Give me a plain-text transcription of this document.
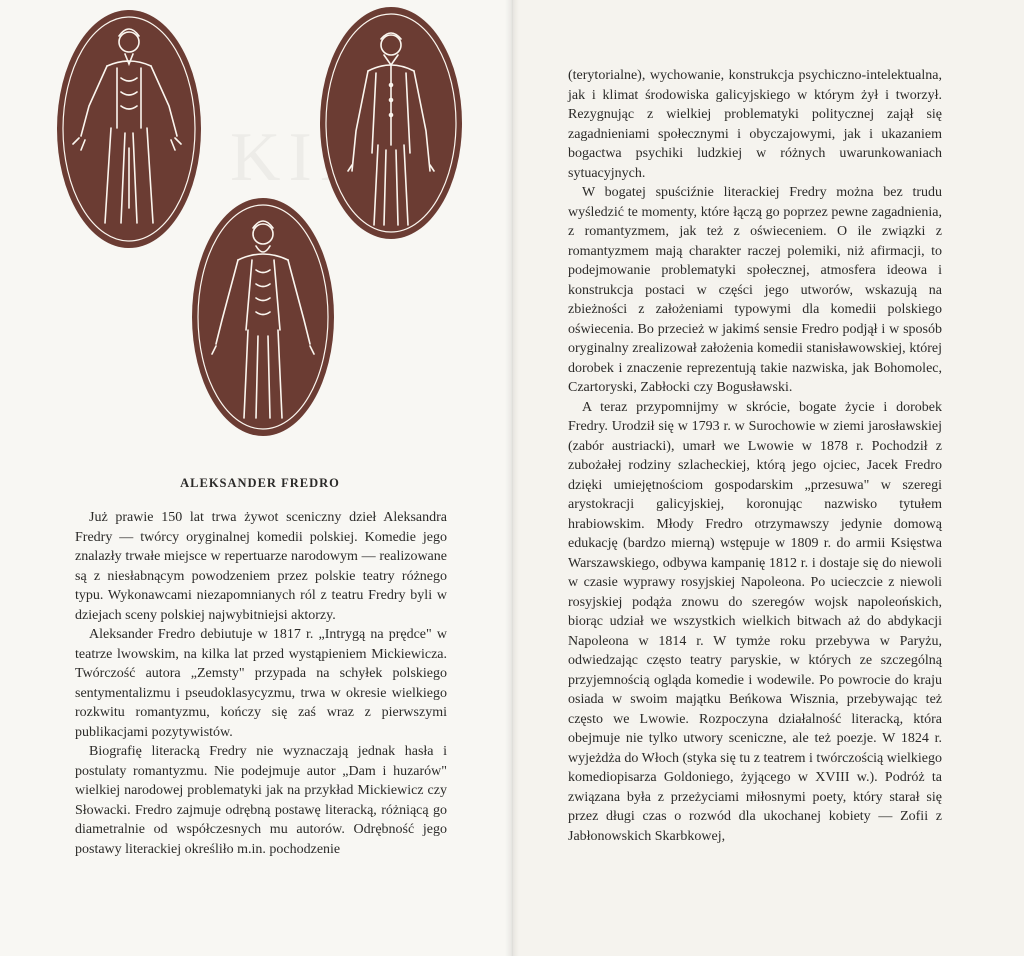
ALEKSANDER FREDRO

Już prawie 150 lat trwa żywot sceniczny dzieł Aleksandra Fredry — twórcy oryginalnej komedii polskiej. Komedie jego znalazły trwałe miejsce w repertuarze narodowym — realizowane są z niesłabnącym powodzeniem przez polskie teatry różnego typu. Wykonawcami niezapomnianych ról z teatru Fredry byli w dziejach sceny polskiej najwybitniejsi aktorzy.

Aleksander Fredro debiutuje w 1817 r. „Intrygą na prędce" w teatrze lwowskim, na kilka lat przed wystąpieniem Mickiewicza. Twórczość autora „Zemsty" przypada na schyłek polskiego sentymentalizmu i pseudoklasycyzmu, trwa w okresie wielkiego rozkwitu romantyzmu, kończy się zaś wraz z pierwszymi publikacjami pozytywistów.

Biografię literacką Fredry nie wyznaczają jednak hasła i postulaty romantyzmu. Nie podejmuje autor „Dam i huzarów" wielkiej narodowej problematyki jak na przykład Mickiewicz czy Słowacki. Fredro zajmuje odrębną postawę literacką, różniącą go diametralnie od współczesnych mu autorów. Odrębność jego postawy literackiej określiło m.in. pochodzenie

(terytorialne), wychowanie, konstrukcja psychiczno-intelektualna, jak i klimat środowiska galicyjskiego w którym żył i tworzył. Rezygnując z wielkiej problematyki politycznej zajął się zagadnieniami społecznymi i obyczajowymi, jak i ukazaniem bogactwa psychiki ludzkiej w różnych uwarunkowaniach sytuacyjnych.

W bogatej spuściźnie literackiej Fredry można bez trudu wyśledzić te momenty, które łączą go poprzez pewne zagadnienia, z romantyzmem, jak też z oświeceniem. O ile związki z romantyzmem mają charakter raczej polemiki, niż afirmacji, to podejmowanie problematyki społecznej, atmosfera ideowa i konstrukcja postaci w części jego utworów, wskazują na zbieżności z założeniami typowymi dla komedii polskiego oświecenia. Bo przecież w jakimś sensie Fredro podjął i w sposób oryginalny zrealizował założenia komedii stanisławowskiej, której dorobek i znaczenie reprezentują takie nazwiska, jak Bohomolec, Czartoryski, Zabłocki czy Bogusławski.

A teraz przypomnijmy w skrócie, bogate życie i dorobek Fredry. Urodził się w 1793 r. w Surochowie w ziemi jarosławskiej (zabór austriacki), umarł we Lwowie w 1878 r. Pochodził z zubożałej rodziny szlacheckiej, którą jego ojciec, Jacek Fredro dzięki umiejętnościom gospodarskim „przesuwa" w szeregi arystokracji galicyjskiej, koronując nazwisko tytułem hrabiowskim. Młody Fredro otrzymawszy jedynie domową edukację (bardzo mierną) wstępuje w 1809 r. do armii Księstwa Warszawskiego, odbywa kampanię 1812 r. i dostaje się do niewoli w czasie wyprawy rosyjskiej Napoleona. Po ucieczcie z niewoli rosyjskiej podąża znowu do szeregów wojsk napoleońskich, biorąc udział we wszystkich wielkich bitwach aż do abdykacji Napoleona w 1814 r. W tymże roku przebywa w Paryżu, odwiedzając często teatry paryskie, w których ze szczególną przyjemnością ogląda komedie i wodewile. Po powrocie do kraju osiada w swoim majątku Beńkowa Wisznia, przebywając też często we Lwowie. Rozpoczyna działalność literacką, która obejmuje nie tylko utwory sceniczne, ale też poezje. W 1824 r. wyjeżdża do Włoch (styka się tu z teatrem i twórczością wielkiego komediopisarza Goldoniego, żyjącego w XVIII w.). Podróż ta związana była z przeżyciami miłosnymi poety, który starał się przez długi czas o rozwód dla ukochanej kobiety — Zofii z Jabłonowskich Skarbkowej,
